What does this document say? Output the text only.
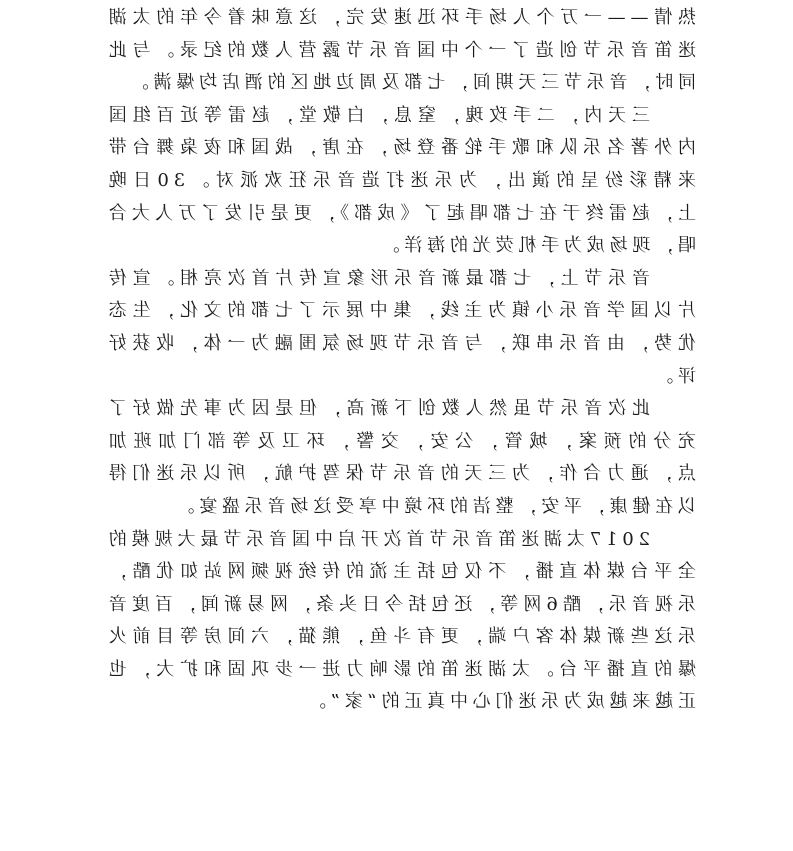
热情——一万个人场手环迅速发完，这意味着今年的太湖迷笛音乐节创造了一个中国音乐节露营人数的纪录。与此同时，音乐节三天期间，七都及周边地区的酒店均爆满。

三天内，二手玫瑰，窒息，白敬堂，赵雷等近百组国内外著名乐队和歌手轮番登场，在唐，战国和夜枭舞台带来精彩纷呈的演出，为乐迷打造音乐狂欢派对。30日晚上，赵雷终于在七都唱起了《成都》，更是引发了万人大合唱，现场成为手机荧光的海洋。

音乐节上，七都最新音乐形象宣传片首次亮相。宣传片以国学音乐小镇为主线，集中展示了七都的文化，生态优势，由音乐串联，与音乐节现场氛围融为一体，收获好评。

此次音乐节虽然人数创下新高，但是因为事先做好了充分的预案，城管，公安，交警，环卫及等部门加班加点，通力合作，为三天的音乐节保驾护航，所以乐迷们得以在健康，平安，整洁的环境中享受这场音乐盛宴。

2017太湖迷笛音乐节首次开启中国音乐节最大规模的全平台媒体直播，不仅包括主流的传统视频网站如优酷，乐视音乐，酷6网等，还包括今日头条，网易新闻，百度音乐这些新媒体客户端，更有斗鱼，熊猫，六间房等目前火爆的直播平台。太湖迷笛的影响力进一步巩固和扩大，也正越来越成为乐迷们心中真正的“家”。
